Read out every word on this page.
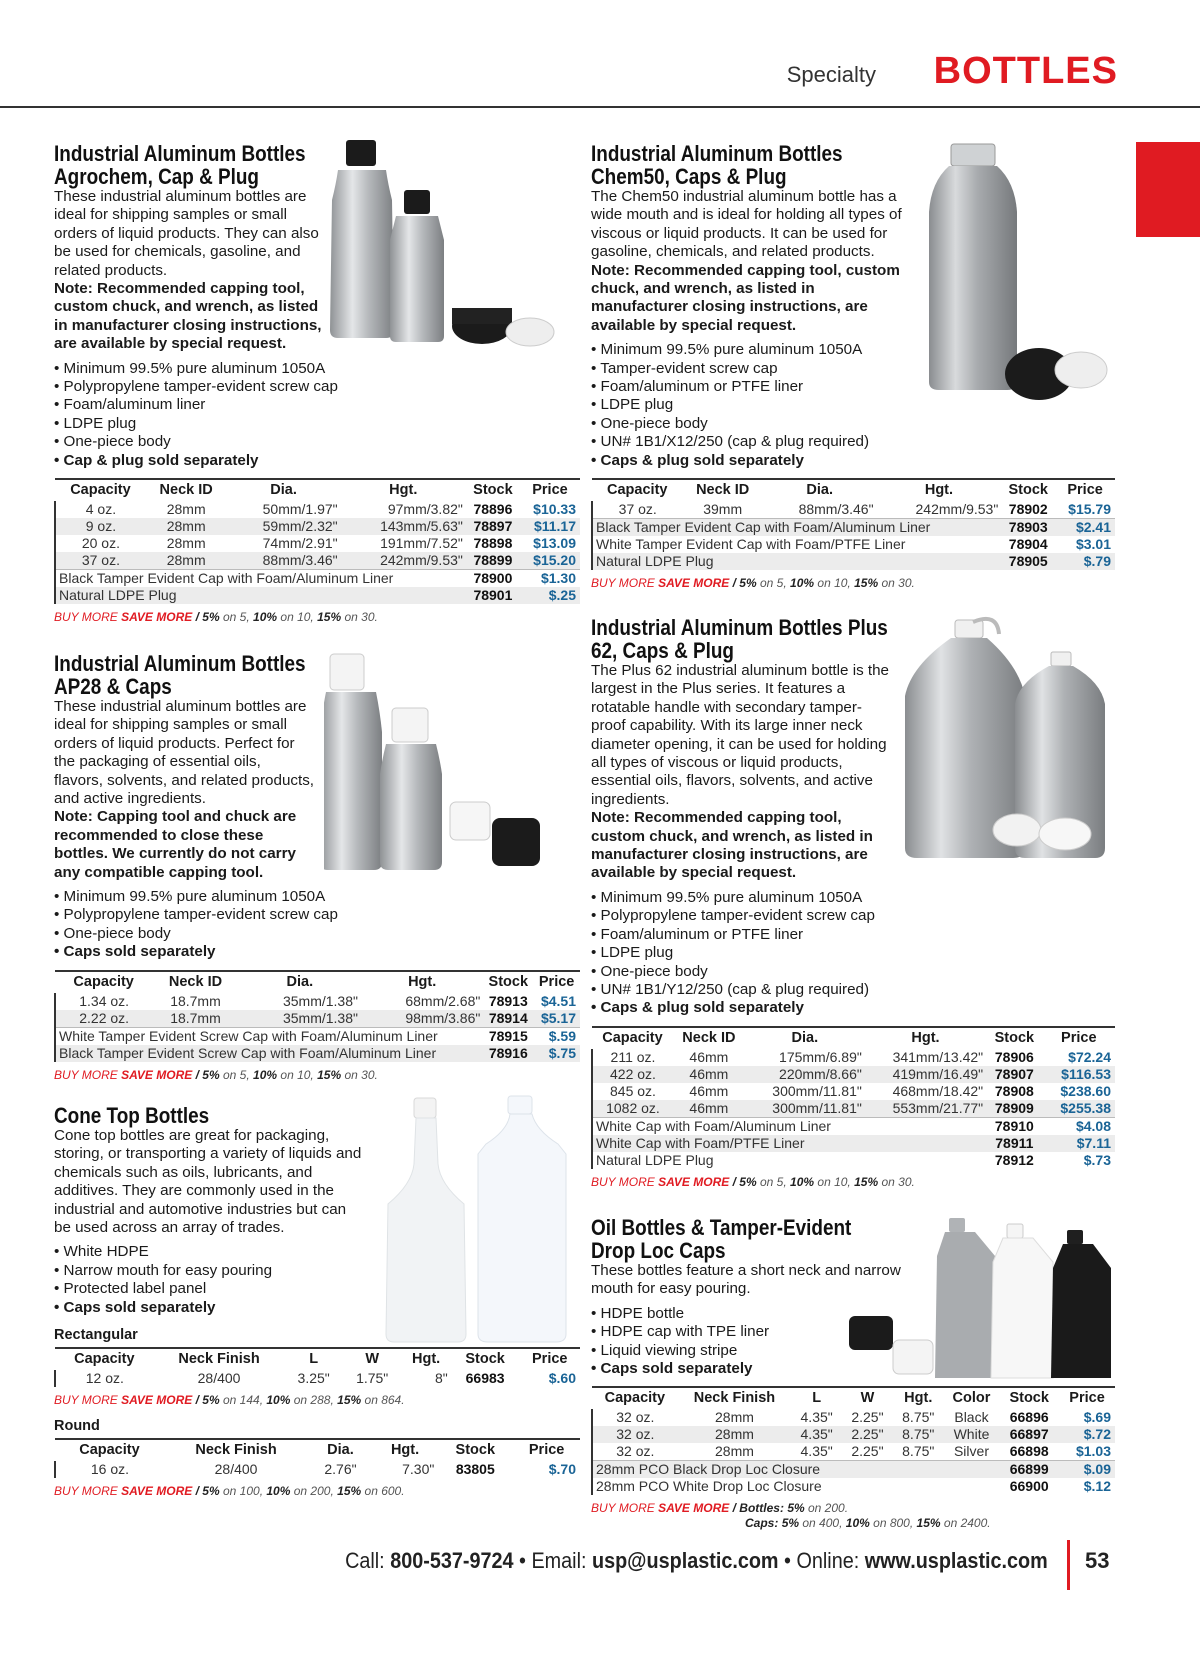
Specialty BOTTLES
Industrial Aluminum Bottles Agrochem, Cap & Plug
These industrial aluminum bottles are ideal for shipping samples or small orders of liquid products. They can also be used for chemicals, gasoline, and related products.
Note: Recommended capping tool, custom chuck, and wrench, as listed in manufacturer closing instructions, are available by special request.
• Minimum 99.5% pure aluminum 1050A
• Polypropylene tamper-evident screw cap
• Foam/aluminum liner
• LDPE plug
• One-piece body
• Cap & plug sold separately
Capacity	Neck ID	Dia.	Hgt.	Stock	Price
4 oz.	28mm	50mm/1.97"	97mm/3.82"	78896	$10.33
9 oz.	28mm	59mm/2.32"	143mm/5.63"	78897	$11.17
20 oz.	28mm	74mm/2.91"	191mm/7.52"	78898	$13.09
37 oz.	28mm	88mm/3.46"	242mm/9.53"	78899	$15.20
Black Tamper Evident Cap with Foam/Aluminum Liner				78900	$1.30
Natural LDPE Plug				78901	$.25
BUY MORE SAVE MORE / 5% on 5, 10% on 10, 15% on 30.
Industrial Aluminum Bottles AP28 & Caps
These industrial aluminum bottles are ideal for shipping samples or small orders of liquid products. Perfect for the packaging of essential oils, flavors, solvents, and related products, and active ingredients.
Note: Capping tool and chuck are recommended to close these bottles. We currently do not carry any compatible capping tool.
• Minimum 99.5% pure aluminum 1050A
• Polypropylene tamper-evident screw cap
• One-piece body
• Caps sold separately
Capacity	Neck ID	Dia.	Hgt.	Stock	Price
1.34 oz.	18.7mm	35mm/1.38"	68mm/2.68"	78913	$4.51
2.22 oz.	18.7mm	35mm/1.38"	98mm/3.86"	78914	$5.17
White Tamper Evident Screw Cap with Foam/Aluminum Liner				78915	$.59
Black Tamper Evident Screw Cap with Foam/Aluminum Liner				78916	$.75
BUY MORE SAVE MORE / 5% on 5, 10% on 10, 15% on 30.
Cone Top Bottles
Cone top bottles are great for packaging, storing, or transporting a variety of liquids and chemicals such as oils, lubricants, and additives. They are commonly used in the industrial and automotive industries but can be used across an array of trades.
• White HDPE
• Narrow mouth for easy pouring
• Protected label panel
• Caps sold separately
Rectangular
Capacity	Neck Finish	L	W	Hgt.	Stock	Price
12 oz.	28/400	3.25"	1.75"	8"	66983	$.60
BUY MORE SAVE MORE / 5% on 144, 10% on 288, 15% on 864.
Round
Capacity	Neck Finish	Dia.	Hgt.	Stock	Price
16 oz.	28/400	2.76"	7.30"	83805	$.70
BUY MORE SAVE MORE / 5% on 100, 10% on 200, 15% on 600.
Industrial Aluminum Bottles Chem50, Caps & Plug
The Chem50 industrial aluminum bottle has a wide mouth and is ideal for holding all types of viscous or liquid products. It can be used for gasoline, chemicals, and related products.
Note: Recommended capping tool, custom chuck, and wrench, as listed in manufacturer closing instructions, are available by special request.
• Minimum 99.5% pure aluminum 1050A
• Tamper-evident screw cap
• Foam/aluminum or PTFE liner
• LDPE plug
• One-piece body
• UN# 1B1/X12/250 (cap & plug required)
• Caps & plug sold separately
Capacity	Neck ID	Dia.	Hgt.	Stock	Price
37 oz.	39mm	88mm/3.46"	242mm/9.53"	78902	$15.79
Black Tamper Evident Cap with Foam/Aluminum Liner				78903	$2.41
White Tamper Evident Cap with Foam/PTFE Liner				78904	$3.01
Natural LDPE Plug				78905	$.79
BUY MORE SAVE MORE / 5% on 5, 10% on 10, 15% on 30.
Industrial Aluminum Bottles Plus 62, Caps & Plug
The Plus 62 industrial aluminum bottle is the largest in the Plus series. It features a rotatable handle with secondary tamper-proof capability. With its large inner neck diameter opening, it can be used for holding all types of viscous or liquid products, essential oils, flavors, solvents, and active ingredients.
Note: Recommended capping tool, custom chuck, and wrench, as listed in manufacturer closing instructions, are available by special request.
• Minimum 99.5% pure aluminum 1050A
• Polypropylene tamper-evident screw cap
• Foam/aluminum or PTFE liner
• LDPE plug
• One-piece body
• UN# 1B1/Y12/250 (cap & plug required)
• Caps & plug sold separately
Capacity	Neck ID	Dia.	Hgt.	Stock	Price
211 oz.	46mm	175mm/6.89"	341mm/13.42"	78906	$72.24
422 oz.	46mm	220mm/8.66"	419mm/16.49"	78907	$116.53
845 oz.	46mm	300mm/11.81"	468mm/18.42"	78908	$238.60
1082 oz.	46mm	300mm/11.81"	553mm/21.77"	78909	$255.38
White Cap with Foam/Aluminum Liner				78910	$4.08
White Cap with Foam/PTFE Liner				78911	$7.11
Natural LDPE Plug				78912	$.73
BUY MORE SAVE MORE / 5% on 5, 10% on 10, 15% on 30.
Oil Bottles & Tamper-Evident Drop Loc Caps
These bottles feature a short neck and narrow mouth for easy pouring.
• HDPE bottle
• HDPE cap with TPE liner
• Liquid viewing stripe
• Caps sold separately
Capacity	Neck Finish	L	W	Hgt.	Color	Stock	Price
32 oz.	28mm	4.35"	2.25"	8.75"	Black	66896	$.69
32 oz.	28mm	4.35"	2.25"	8.75"	White	66897	$.72
32 oz.	28mm	4.35"	2.25"	8.75"	Silver	66898	$1.03
28mm PCO Black Drop Loc Closure						66899	$.09
28mm PCO White Drop Loc Closure						66900	$.12
BUY MORE SAVE MORE / Bottles: 5% on 200.
Caps: 5% on 400, 10% on 800, 15% on 2400.
Call: 800-537-9724 • Email: usp@usplastic.com • Online: www.usplastic.com 53
